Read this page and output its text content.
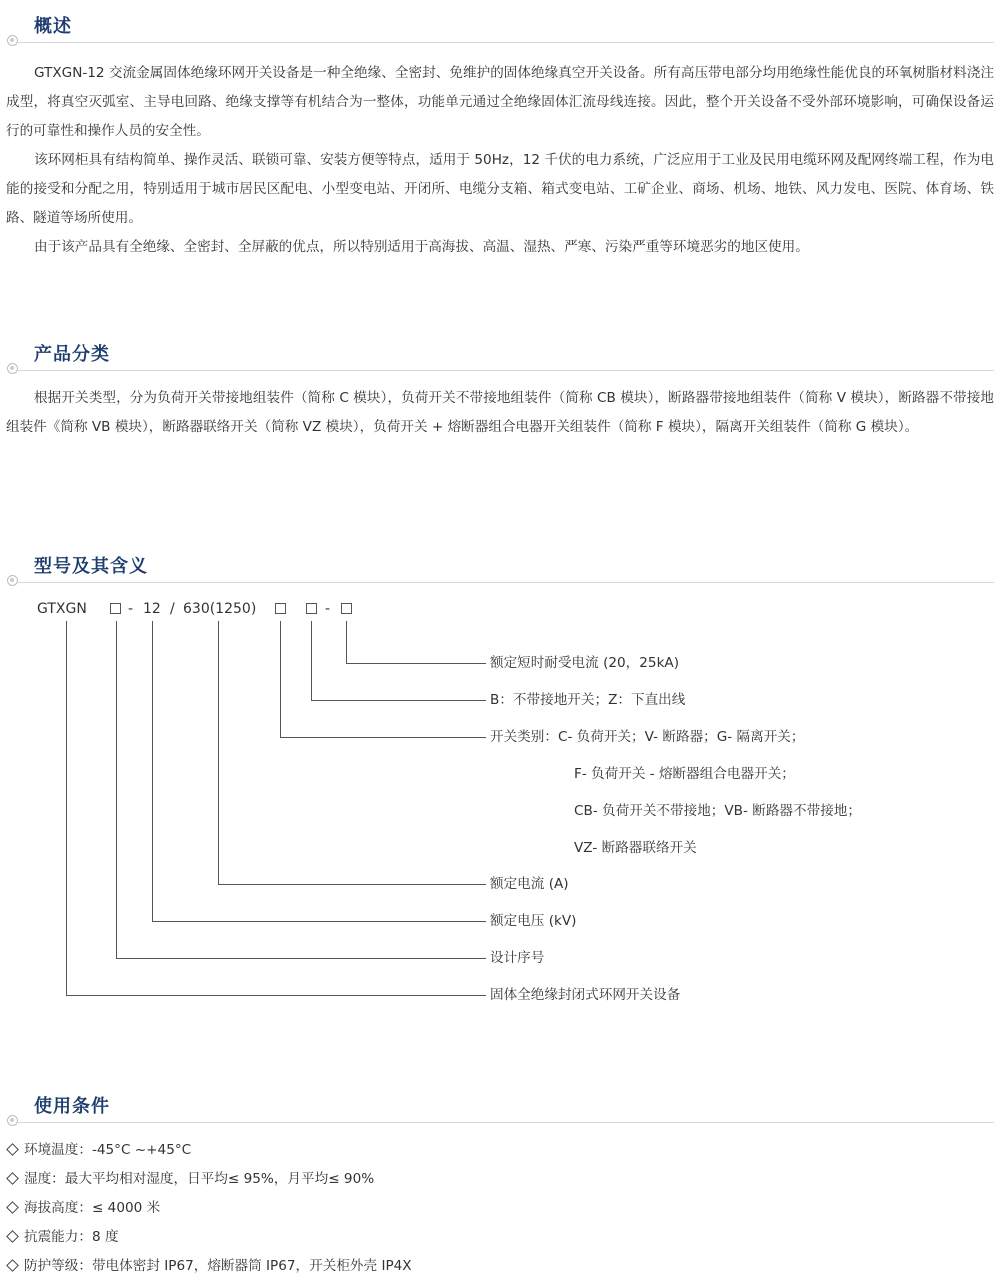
概述

GTXGN-12 交流金属固体绝缘环网开关设备是一种全绝缘、全密封、免维护的固体绝缘真空开关设备。所有高压带电部分均用绝缘性能优良的环氧树脂材料浇注成型，将真空灭弧室、主导电回路、绝缘支撑等有机结合为一整体，功能单元通过全绝缘固体汇流母线连接。因此，整个开关设备不受外部环境影响，可确保设备运行的可靠性和操作人员的安全性。

该环网柜具有结构简单、操作灵活、联锁可靠、安装方便等特点，适用于 50Hz，12 千伏的电力系统，广泛应用于工业及民用电缆环网及配网终端工程，作为电能的接受和分配之用，特别适用于城市居民区配电、小型变电站、开闭所、电缆分支箱、箱式变电站、工矿企业、商场、机场、地铁、风力发电、医院、体育场、铁路、隧道等场所使用。

由于该产品具有全绝缘、全密封、全屏蔽的优点，所以特别适用于高海拔、高温、湿热、严寒、污染严重等环境恶劣的地区使用。

产品分类

根据开关类型，分为负荷开关带接地组装件（简称 C 模块），负荷开关不带接地组装件（简称 CB 模块），断路器带接地组装件（简称 V 模块），断路器不带接地组装件《简称 VB 模块），断路器联络开关（简称 VZ 模块），负荷开关 + 熔断器组合电器开关组装件（简称 F 模块），隔离开关组装件（简称 G 模块）。

型号及其含义
GTXGN	- 12 / 630(1250)	-
额定短时耐受电流 (20，25kA)
B：不带接地开关；Z：下直出线
开关类别：C- 负荷开关；V- 断路器；G- 隔离开关；
F- 负荷开关 - 熔断器组合电器开关；
CB- 负荷开关不带接地；VB- 断路器不带接地；
VZ- 断路器联络开关
额定电流 (A)
额定电压 (kV)
设计序号
固体全绝缘封闭式环网开关设备
使用条件
环境温度：-45°C ~+45°C
湿度：最大平均相对湿度，日平均≤ 95%，月平均≤ 90%
海拔高度：≤ 4000 米
抗震能力：8 度
防护等级：带电体密封 IP67，熔断器筒 IP67，开关柜外壳 IP4X
